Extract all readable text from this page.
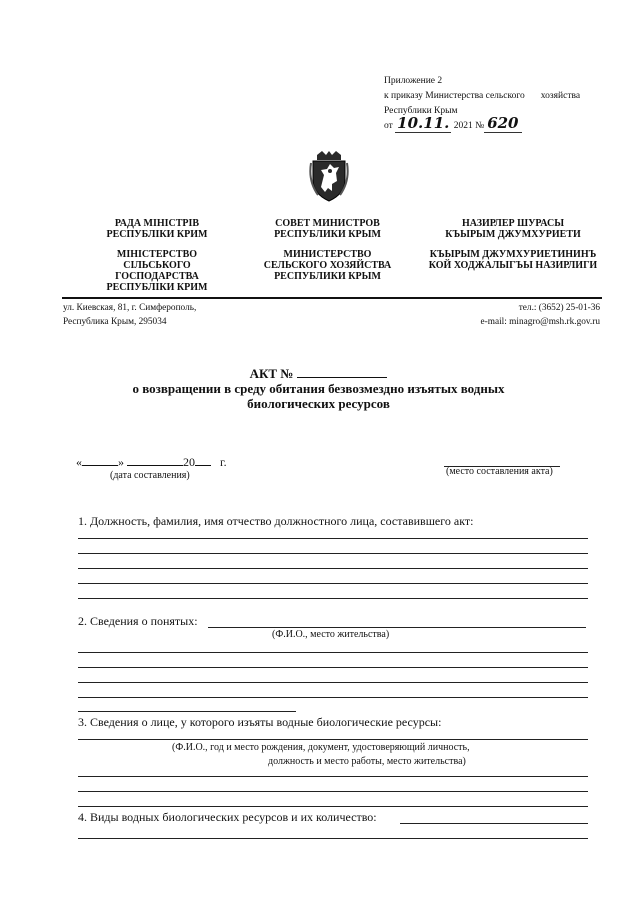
Приложение 2
к приказу Министерства сельского хозяйства
Республики Крым
от 10.11. 2021 № 620

РАДА МІНІСТРІВ

РЕСПУБЛІКИ КРИМ

МІНІСТЕРСТВО

СІЛЬСЬКОГО

ГОСПОДАРСТВА

РЕСПУБЛІКИ КРИМ

СОВЕТ МИНИСТРОВ

РЕСПУБЛИКИ КРЫМ

МИНИСТЕРСТВО

СЕЛЬСКОГО ХОЗЯЙСТВА

РЕСПУБЛИКИ КРЫМ

НАЗИРЛЕР ШУРАСЫ

КЪЫРЫМ ДЖУМХУРИЕТИ

КЪЫРЫМ ДЖУМХУРИЕТИНИНЪ

КОЙ ХОДЖАЛЫГЪЫ НАЗИРЛИГИ

ул. Киевская, 81, г. Симферополь,
Республика Крым, 295034
тел.: (3652) 25-01-36
e-mail: minagro@msh.rk.gov.ru
АКТ №
о возвращении в среду обитания безвозмездно изъятых водных
биологических ресурсов
«	»	20 г.
(дата составления)	(место составления акта)
1. Должность, фамилия, имя отчество должностного лица, составившего акт:
2. Сведения о понятых:
(Ф.И.О., место жительства)
3. Сведения о лице, у которого изъяты водные биологические ресурсы:
(Ф.И.О., год и место рождения, документ, удостоверяющий личность,
должность и место работы, место жительства)
4. Виды водных биологических ресурсов и их количество:
